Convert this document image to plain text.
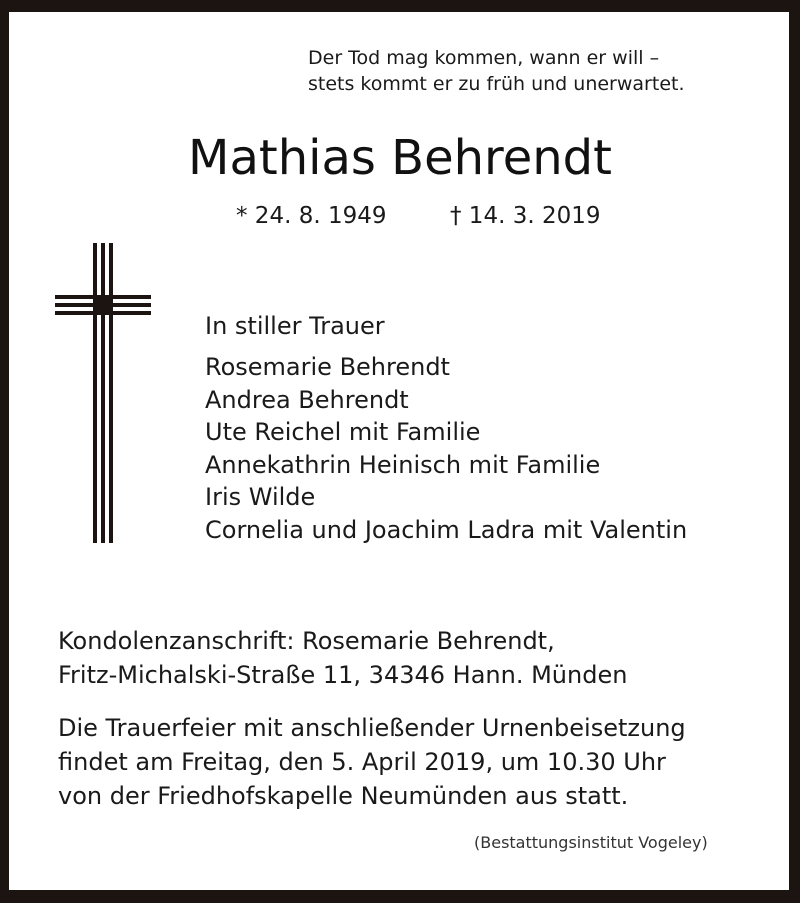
Der Tod mag kommen, wann er will –
stets kommt er zu früh und unerwartet.
Mathias Behrendt
* 24. 8. 1949	† 14. 3. 2019
In stiller Trauer
Rosemarie Behrendt
Andrea Behrendt
Ute Reichel mit Familie
Annekathrin Heinisch mit Familie
Iris Wilde
Cornelia und Joachim Ladra mit Valentin
Kondolenzanschrift: Rosemarie Behrendt,
Fritz-Michalski-Straße 11, 34346 Hann. Münden
Die Trauerfeier mit anschließender Urnenbeisetzung
findet am Freitag, den 5. April 2019, um 10.30 Uhr
von der Friedhofskapelle Neumünden aus statt.
(Bestattungsinstitut Vogeley)
